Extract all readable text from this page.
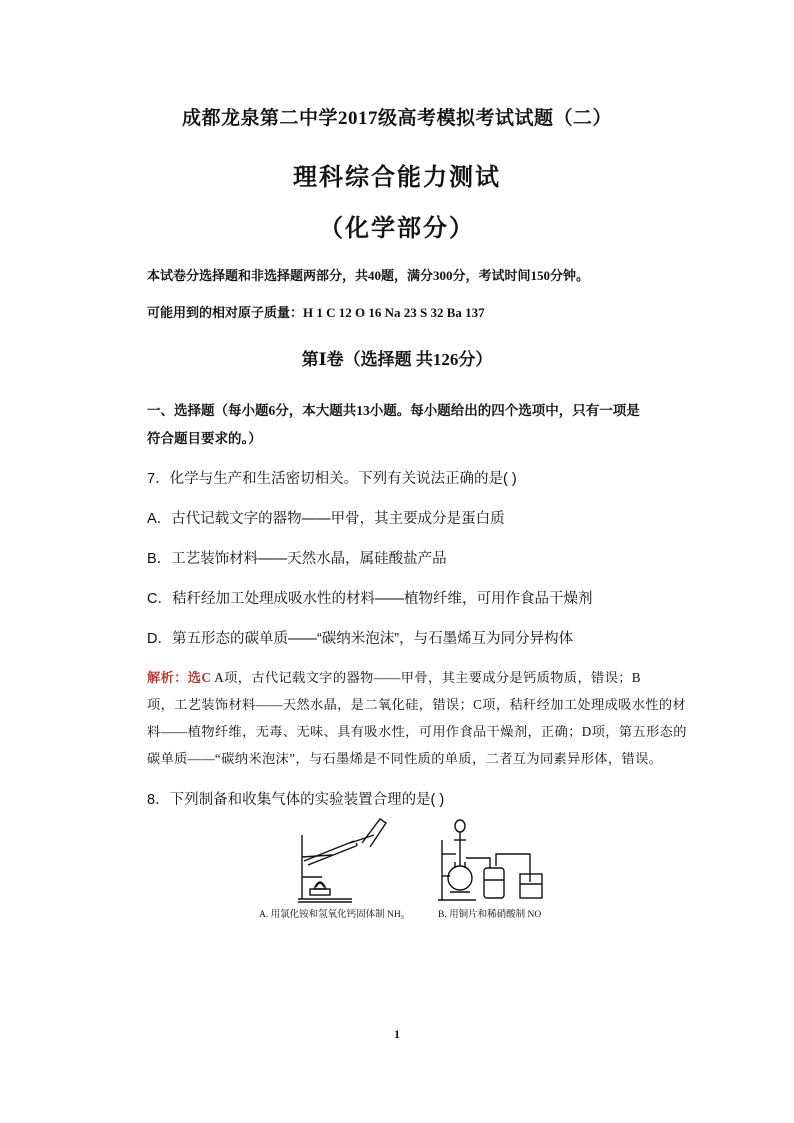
成都龙泉第二中学2017级高考模拟考试试题（二）
理科综合能力测试
（化学部分）
本试卷分选择题和非选择题两部分，共40题，满分300分，考试时间150分钟。
可能用到的相对原子质量：H 1 C 12 O 16 Na 23 S 32 Ba 137
第Ⅰ卷（选择题 共126分）
一、选择题（每小题6分，本大题共13小题。每小题给出的四个选项中，只有一项是
符合题目要求的。）
7．化学与生产和生活密切相关。下列有关说法正确的是( )
A．古代记载文字的器物——甲骨，其主要成分是蛋白质
B．工艺装饰材料——天然水晶，属硅酸盐产品
C．秸秆经加工处理成吸水性的材料——植物纤维，可用作食品干燥剂
D．第五形态的碳单质——“碳纳米泡沫”，与石墨烯互为同分异构体
解析：选C A项，古代记载文字的器物——甲骨，其主要成分是钙质物质，错误；B
项，工艺装饰材料——天然水晶，是二氧化硅，错误；C项，秸秆经加工处理成吸水性的材
料——植物纤维，无毒、无味、具有吸水性，可用作食品干燥剂，正确；D项，第五形态的
碳单质——“碳纳米泡沫”，与石墨烯是不同性质的单质，二者互为同素异形体，错误。
8．下列制备和收集气体的实验装置合理的是( )
A. 用氯化铵和氢氧化钙固体制 NH₃	B. 用铜片和稀硝酸制 NO
1
